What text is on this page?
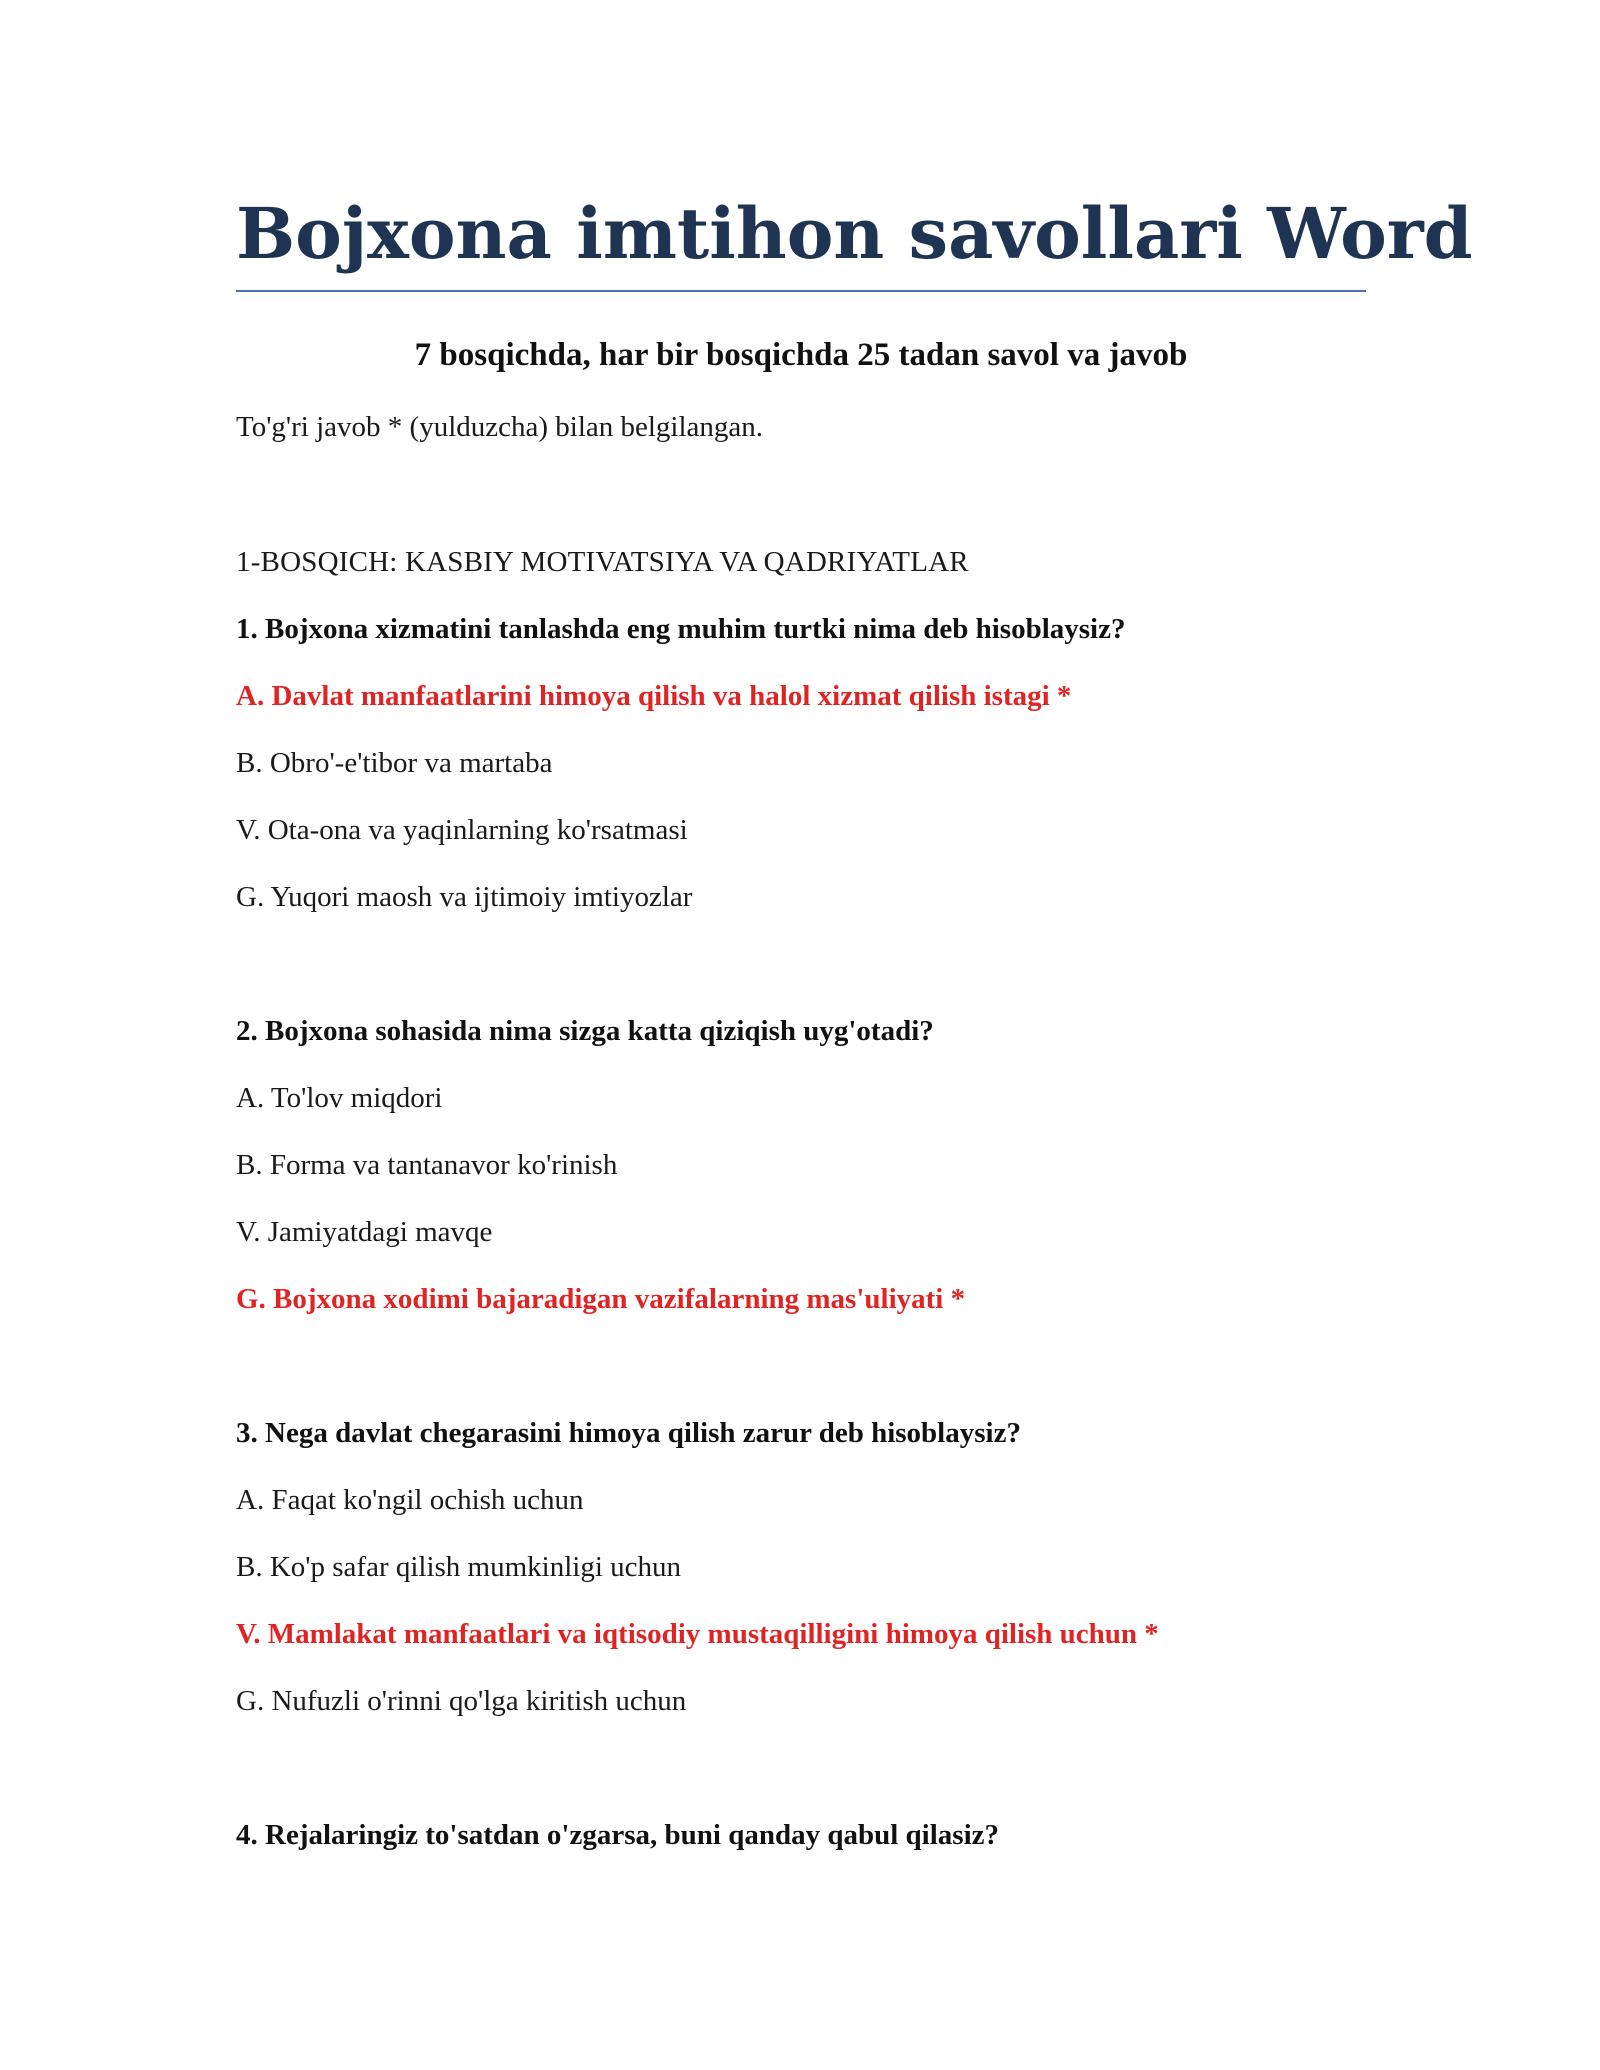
Bojxona imtihon savollari Word

7 bosqichda, har bir bosqichda 25 tadan savol va javob

To'g'ri javob * (yulduzcha) bilan belgilangan.

1-BOSQICH: KASBIY MOTIVATSIYA VA QADRIYATLAR

1. Bojxona xizmatini tanlashda eng muhim turtki nima deb hisoblaysiz?

A. Davlat manfaatlarini himoya qilish va halol xizmat qilish istagi *

B. Obro'-e'tibor va martaba

V. Ota-ona va yaqinlarning ko'rsatmasi

G. Yuqori maosh va ijtimoiy imtiyozlar

2. Bojxona sohasida nima sizga katta qiziqish uyg'otadi?

A. To'lov miqdori

B. Forma va tantanavor ko'rinish

V. Jamiyatdagi mavqe

G. Bojxona xodimi bajaradigan vazifalarning mas'uliyati *

3. Nega davlat chegarasini himoya qilish zarur deb hisoblaysiz?

A. Faqat ko'ngil ochish uchun

B. Ko'p safar qilish mumkinligi uchun

V. Mamlakat manfaatlari va iqtisodiy mustaqilligini himoya qilish uchun *

G. Nufuzli o'rinni qo'lga kiritish uchun

4. Rejalaringiz to'satdan o'zgarsa, buni qanday qabul qilasiz?
